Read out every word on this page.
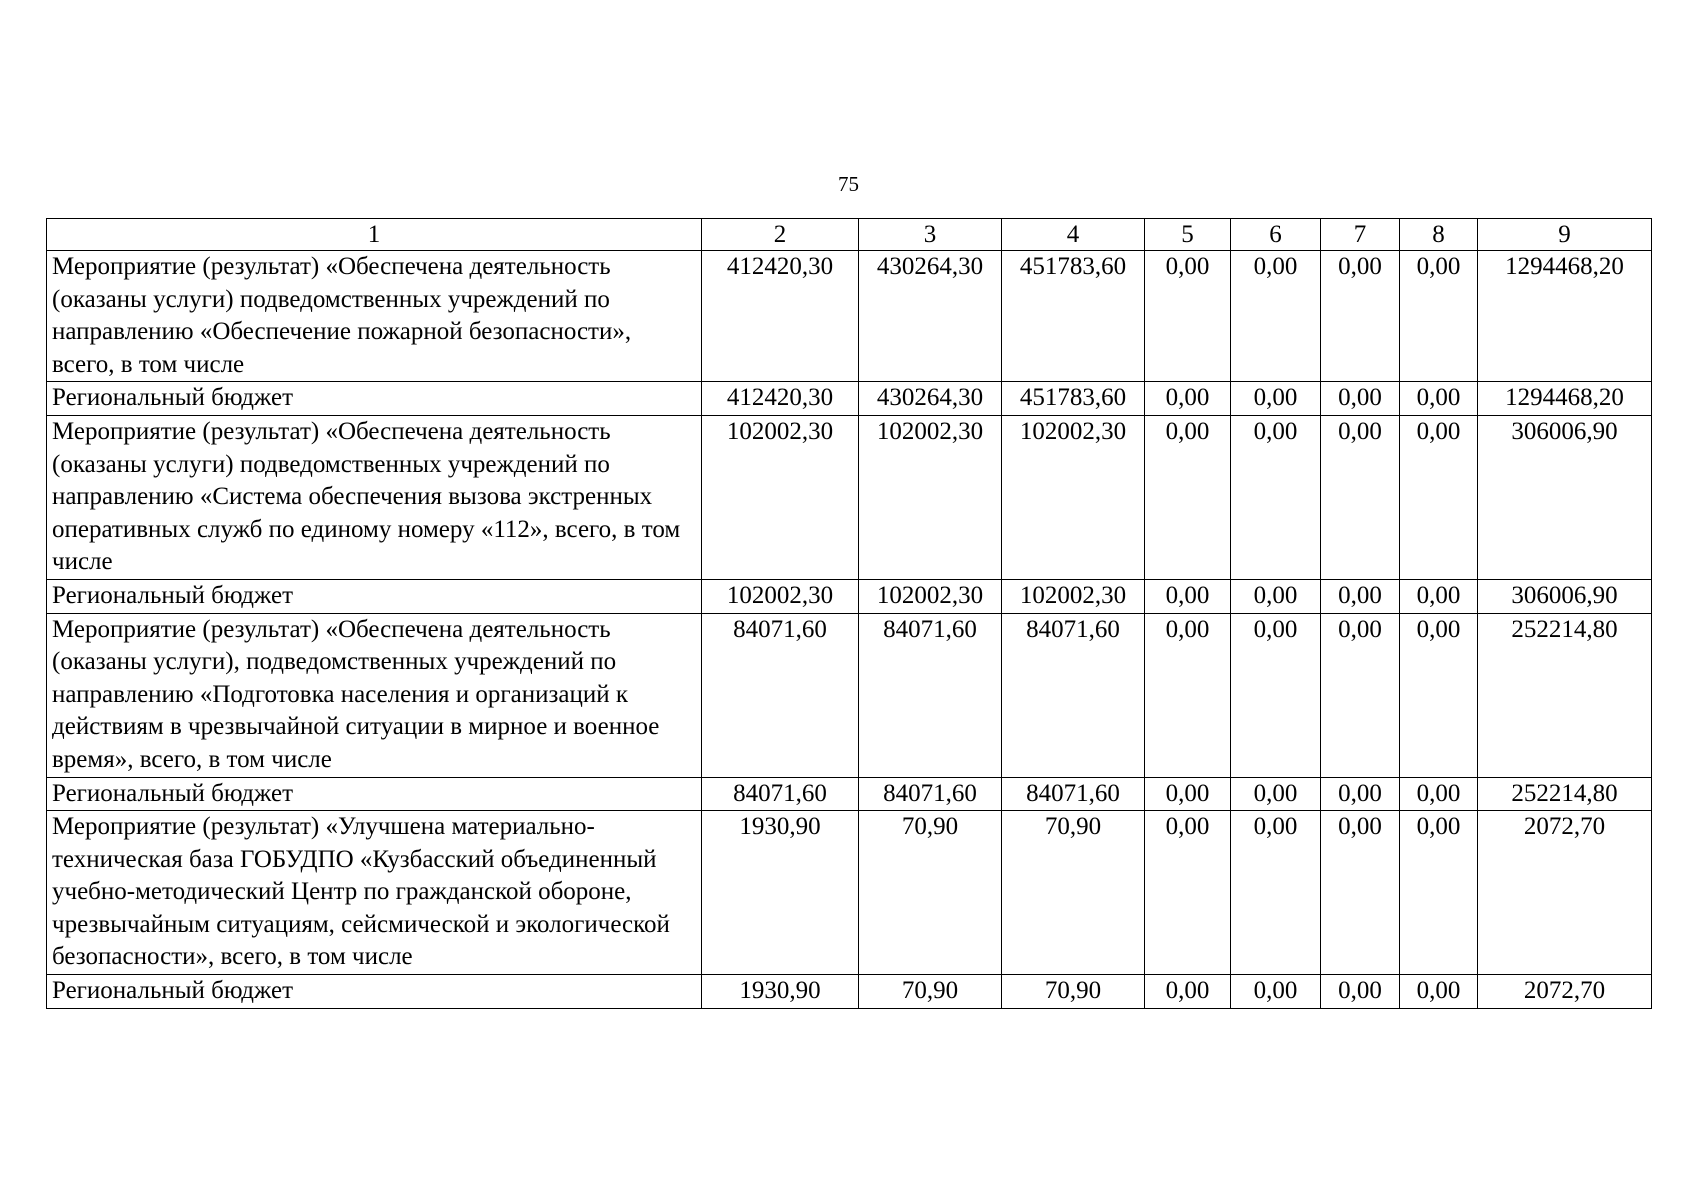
75
1	2	3	4	5	6	7	8	9
Мероприятие (результат) «Обеспечена деятельность (оказаны услуги) подведомственных учреждений по направлению «Обеспечение пожарной безопасности», всего, в том числе	412420,30	430264,30	451783,60	0,00	0,00	0,00	0,00	1294468,20
Региональный бюджет	412420,30	430264,30	451783,60	0,00	0,00	0,00	0,00	1294468,20
Мероприятие (результат) «Обеспечена деятельность (оказаны услуги) подведомственных учреждений по направлению «Система обеспечения вызова экстренных оперативных служб по единому номеру «112», всего, в том числе	102002,30	102002,30	102002,30	0,00	0,00	0,00	0,00	306006,90
Региональный бюджет	102002,30	102002,30	102002,30	0,00	0,00	0,00	0,00	306006,90
Мероприятие (результат) «Обеспечена деятельность (оказаны услуги), подведомственных учреждений по направлению «Подготовка населения и организаций к действиям в чрезвычайной ситуации в мирное и военное время», всего, в том числе	84071,60	84071,60	84071,60	0,00	0,00	0,00	0,00	252214,80
Региональный бюджет	84071,60	84071,60	84071,60	0,00	0,00	0,00	0,00	252214,80
Мероприятие (результат) «Улучшена материально-техническая база ГОБУДПО «Кузбасский объединенный учебно-методический Центр по гражданской обороне, чрезвычайным ситуациям, сейсмической и экологической безопасности», всего, в том числе	1930,90	70,90	70,90	0,00	0,00	0,00	0,00	2072,70
Региональный бюджет	1930,90	70,90	70,90	0,00	0,00	0,00	0,00	2072,70
